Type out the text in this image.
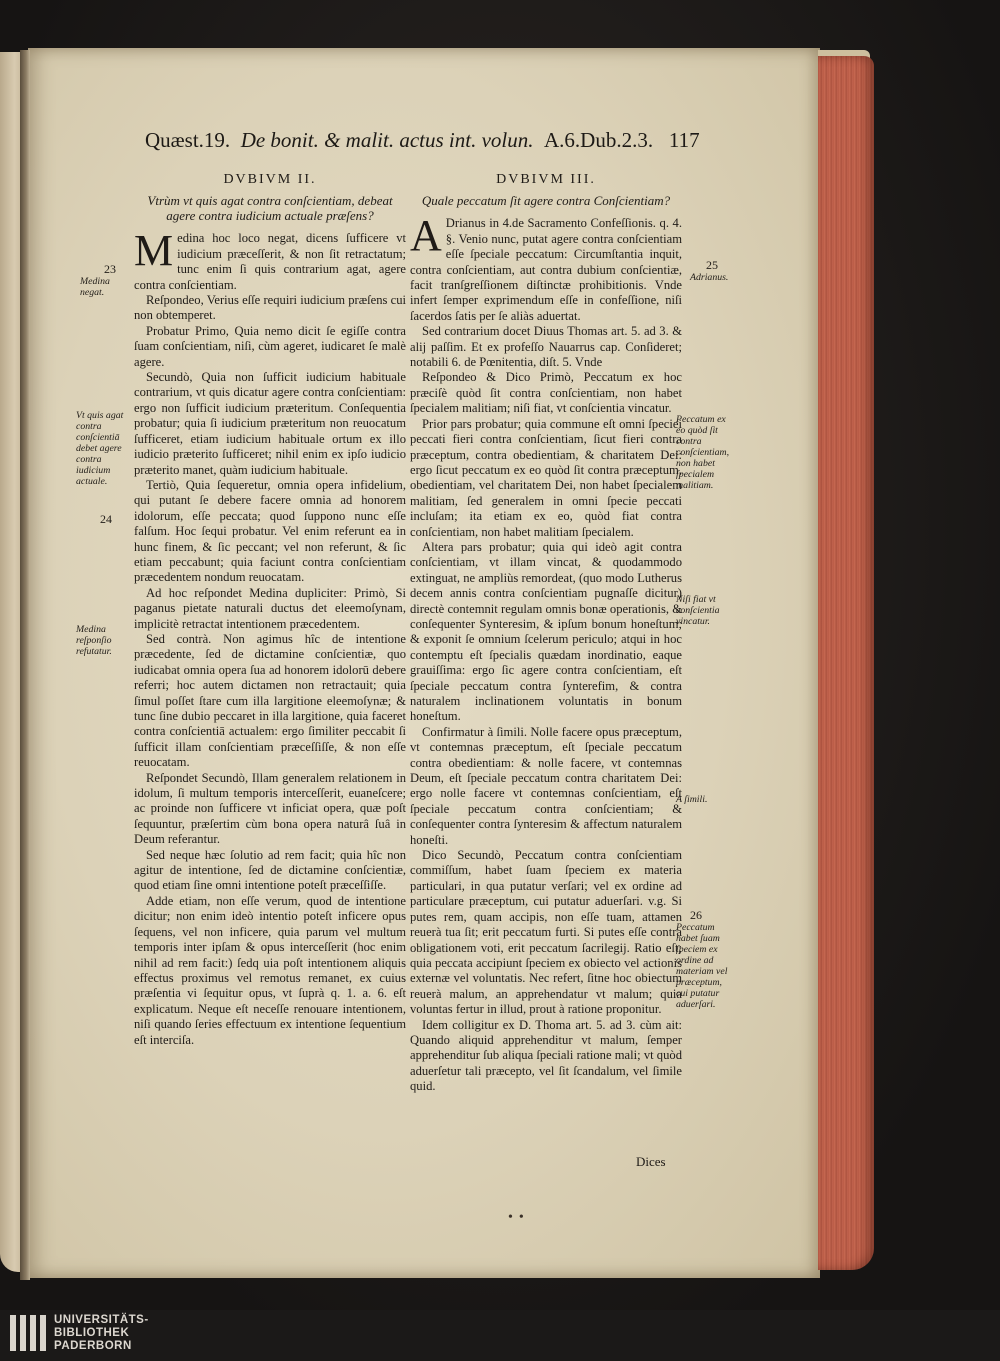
Quæst.19. De bonit. & malit. actus int. volun. A.6.Dub.2.3. 117
DVBIVM II.
Vtrùm vt quis agat contra conſcientiam, debeat agere contra iudicium actuale præſens?

Medina hoc loco negat, dicens ſufficere vt iudicium præceſſerit, & non ſit retractatum; tunc enim ſi quis contrarium agat, agere contra conſcientiam.

Reſpondeo, Verius eſſe requiri iudicium præſens cui non obtemperet.

Probatur Primo, Quia nemo dicit ſe egiſſe contra ſuam conſcientiam, niſi, cùm ageret, iudicaret ſe malè agere.

Secundò, Quia non ſufficit iudicium habituale contrarium, vt quis dicatur agere contra conſcientiam: ergo non ſufficit iudicium præteritum. Conſequentia probatur; quia ſi iudicium præteritum non reuocatum ſufficeret, etiam iudicium habituale ortum ex illo iudicio præterito ſufficeret; nihil enim ex ipſo iudicio præterito manet, quàm iudicium habituale.

Tertiò, Quia ſequeretur, omnia opera infidelium, qui putant ſe debere facere omnia ad honorem idolorum, eſſe peccata; quod ſuppono nunc eſſe falſum. Hoc ſequi probatur. Vel enim referunt ea in hunc finem, & ſic peccant; vel non referunt, & ſic etiam peccabunt; quia faciunt contra conſcientiam præcedentem nondum reuocatam.

Ad hoc reſpondet Medina dupliciter: Primò, Si paganus pietate naturali ductus det eleemoſynam, implicitè retractat intentionem præcedentem.

Sed contrà. Non agimus hîc de intentione præcedente, ſed de dictamine conſcientiæ, quo iudicabat omnia opera ſua ad honorem idolorū debere referri; hoc autem dictamen non retractauit; quia ſimul poſſet ſtare cum illa largitione eleemoſynæ; & tunc ſine dubio peccaret in illa largitione, quia faceret contra conſcientiā actualem: ergo ſimiliter peccabit ſi ſufficit illam conſcientiam præceſſiſſe, & non eſſe reuocatam.

Reſpondet Secundò, Illam generalem relationem in idolum, ſi multum temporis interceſſerit, euaneſcere; ac proinde non ſufficere vt inficiat opera, quæ poſt ſequuntur, præſertim cùm bona opera naturâ ſuâ in Deum referantur.

Sed neque hæc ſolutio ad rem facit; quia hîc non agitur de intentione, ſed de dictamine conſcientiæ, quod etiam ſine omni intentione poteſt præceſſiſſe.

Adde etiam, non eſſe verum, quod de intentione dicitur; non enim ideò intentio poteſt inficere opus ſequens, vel non inficere, quia parum vel multum temporis inter ipſam & opus interceſſerit (hoc enim nihil ad rem facit:) ſedq uia poſt intentionem aliquis effectus proximus vel remotus remanet, ex cuius præſentia vi ſequitur opus, vt ſuprà q. 1. a. 6. eſt explicatum. Neque eſt neceſſe renouare intentionem, niſi quando ſeries effectuum ex intentione ſequentium eſt interciſa.

DVBIVM III.
Quale peccatum ſit agere contra Conſcientiam?

A Drianus in 4.de Sacramento Confeſſionis. q. 4. §. Venio nunc, putat agere contra conſcientiam eſſe ſpeciale peccatum: Circumſtantia inquit, contra conſcientiam, aut contra dubium conſcientiæ, facit tranſgreſſionem diſtinctæ prohibitionis. Vnde infert ſemper exprimendum eſſe in confeſſione, niſi ſacerdos ſatis per ſe aliàs aduertat.

Sed contrarium docet Diuus Thomas art. 5. ad 3. & alij paſſim. Et ex profeſſo Nauarrus cap. Conſideret; notabili 6. de Pœnitentia, diſt. 5. Vnde

Reſpondeo & Dico Primò, Peccatum ex hoc præciſè quòd ſit contra conſcientiam, non habet ſpecialem malitiam; niſi fiat, vt conſcientia vincatur.

Prior pars probatur; quia commune eſt omni ſpeciei peccati fieri contra conſcientiam, ſicut fieri contra præceptum, contra obedientiam, & charitatem Dei: ergo ſicut peccatum ex eo quòd ſit contra præceptum, obedientiam, vel charitatem Dei, non habet ſpecialem malitiam, ſed generalem in omni ſpecie peccati incluſam; ita etiam ex eo, quòd fiat contra conſcientiam, non habet malitiam ſpecialem.

Altera pars probatur; quia qui ideò agit contra conſcientiam, vt illam vincat, & quodammodo extinguat, ne ampliùs remordeat, (quo modo Lutherus decem annis contra conſcientiam pugnaſſe dicitur) directè contemnit regulam omnis bonæ operationis, & conſequenter Synteresim, & ipſum bonum honeſtum; & exponit ſe omnium ſcelerum periculo; atqui in hoc contemptu eſt ſpecialis quædam inordinatio, eaque grauiſſima: ergo ſic agere contra conſcientiam, eſt ſpeciale peccatum contra ſynterefim, & contra naturalem inclinationem voluntatis in bonum honeſtum.

Confirmatur à ſimili. Nolle facere opus præceptum, vt contemnas præceptum, eſt ſpeciale peccatum contra obedientiam: & nolle facere, vt contemnas Deum, eſt ſpeciale peccatum contra charitatem Dei: ergo nolle facere vt contemnas conſcientiam, eſt ſpeciale peccatum contra conſcientiam; & conſequenter contra ſynteresim & affectum naturalem honeſti.

Dico Secundò, Peccatum contra conſcientiam commiſſum, habet ſuam ſpeciem ex materia particulari, in qua putatur verſari; vel ex ordine ad particulare præceptum, cui putatur aduerſari. v.g. Si putes rem, quam accipis, non eſſe tuam, attamen reuerà tua ſit; erit peccatum furti. Si putes eſſe contra obligationem voti, erit peccatum ſacrilegij. Ratio eſt; quia peccata accipiunt ſpeciem ex obiecto vel actionis externæ vel voluntatis. Nec refert, ſitne hoc obiectum reuerà malum, an apprehendatur vt malum; quia voluntas fertur in illud, prout à ratione proponitur.

Idem colligitur ex D. Thoma art. 5. ad 3. cùm ait: Quando aliquid apprehenditur vt malum, ſemper apprehenditur ſub aliqua ſpeciali ratione mali; vt quòd aduerſetur tali præcepto, vel ſit ſcandalum, vel ſimile quid.

23
Medina negat.
Vt quis agat contra conſcientiā debet agere contra iudicium actuale.
24
Medina reſponſio refutatur.
25
Adrianus.
Peccatum ex eo quòd ſit contra conſcientiam, non habet ſpecialem malitiam.
Niſi fiat vt conſcientia vincatur.
A ſimili.
26
Peccatum habet ſuam ſpeciem ex ordine ad materiam vel præceptum, cui putatur aduerſari.
Dices
••
UNIVERSITÄTS-
BIBLIOTHEK
PADERBORN
